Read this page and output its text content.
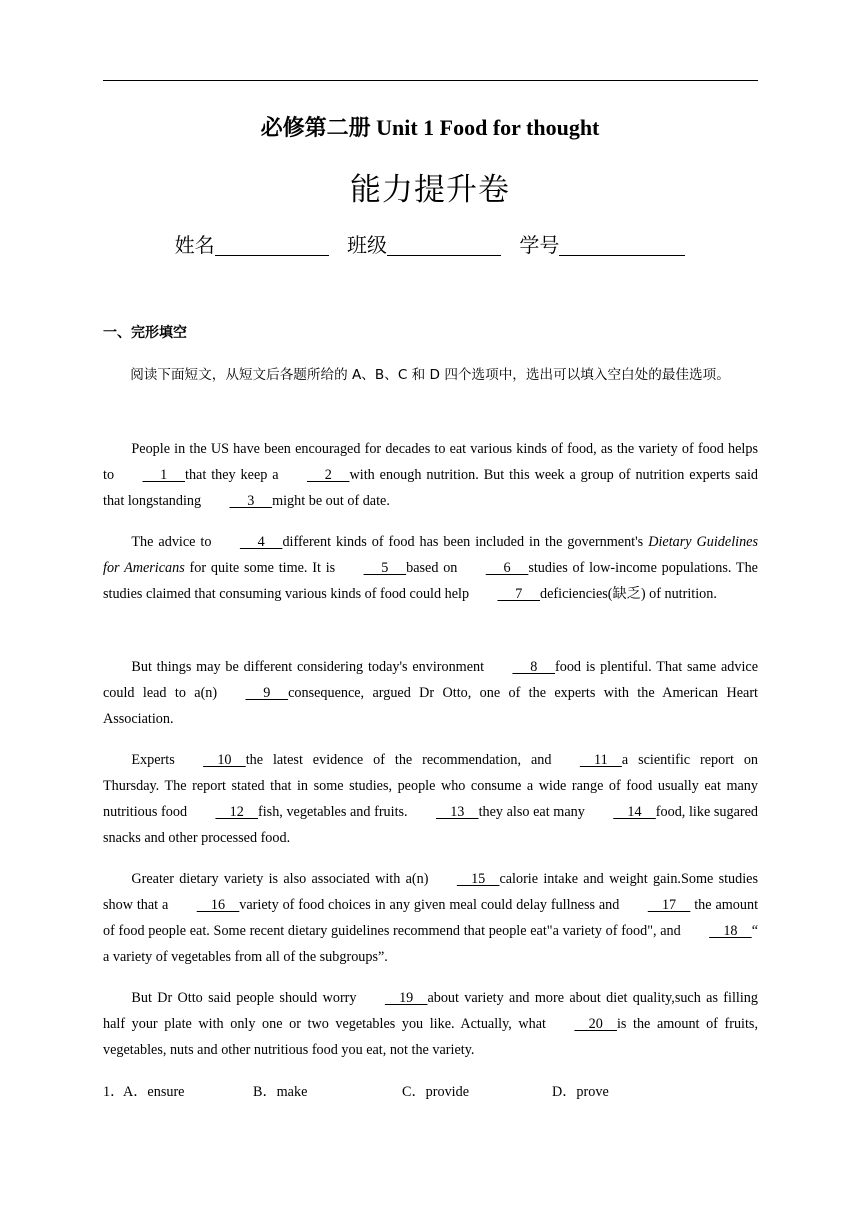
必修第二册 Unit 1 Food for thought
能力提升卷
姓名	班级	学号
一、完形填空

阅读下面短文，从短文后各题所给的 A、B、C 和 D 四个选项中，选出可以填入空白处的最佳选项。

People in the US have been encouraged for decades to eat various kinds of food, as the variety of food helps to     1     that they keep a     2     with enough nutrition. But this week a group of nutrition experts said that longstanding     3     might be out of date.

The advice to     4     different kinds of food has been included in the government's Dietary Guidelines for Americans for quite some time. It is     5     based on     6     studies of low-income populations. The studies claimed that consuming various kinds of food could help     7     deficiencies(缺乏) of nutrition.

But things may be different considering today's environment     8     food is plentiful. That same advice could lead to a(n)     9     consequence, argued Dr Otto, one of the experts with the American Heart Association.

Experts    10    the latest evidence of the recommendation, and    11    a scientific report on Thursday. The report stated that in some studies, people who consume a wide range of food usually eat many nutritious food    12    fish, vegetables and fruits.    13    they also eat many    14    food, like sugared snacks and other processed food.

Greater dietary variety is also associated with a(n)    15    calorie intake and weight gain.Some studies show that a    16    variety of food choices in any given meal could delay fullness and    17     the amount of food people eat. Some recent dietary guidelines recommend that people eat"a variety of food", and    18    “ a variety of vegetables from all of the subgroups”.

But Dr Otto said people should worry    19    about variety and more about diet quality,such as filling half your plate with only one or two vegetables you like. Actually, what    20    is the amount of fruits, vegetables, nuts and other nutritious food you eat, not the variety.

1．
A．ensure	B．make	C．provide	D．prove
